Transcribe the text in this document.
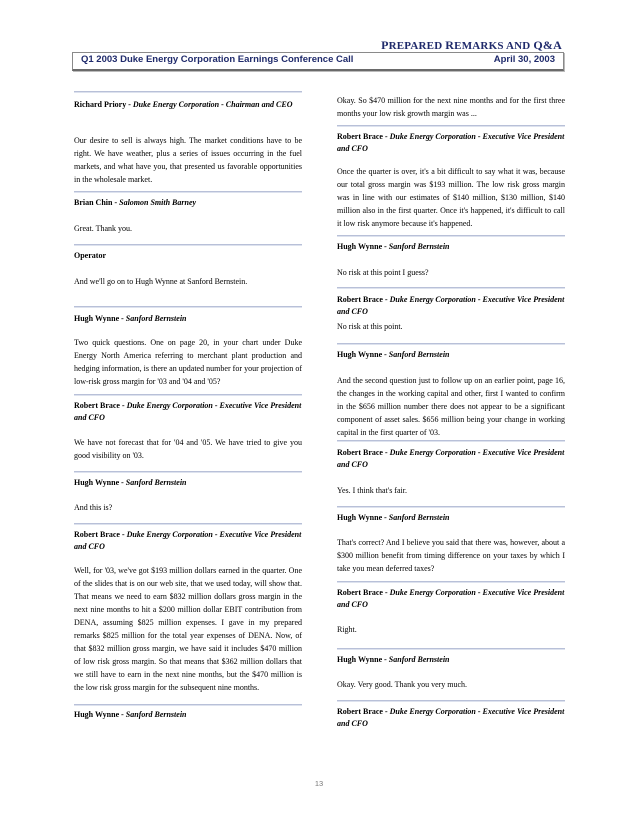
PREPARED REMARKS AND Q&A
Q1 2003 Duke Energy Corporation Earnings Conference Call	April 30, 2003
Richard Priory - Duke Energy Corporation - Chairman and CEO

Our desire to sell is always high. The market conditions have to be right. We have weather, plus a series of issues occurring in the fuel markets, and what have you, that presented us favorable opportunities in the wholesale market.

Brian Chin - Salomon Smith Barney

Great. Thank you.

Operator

And we'll go on to Hugh Wynne at Sanford Bernstein.

Hugh Wynne - Sanford Bernstein

Two quick questions. One on page 20, in your chart under Duke Energy North America referring to merchant plant production and hedging information, is there an updated number for your projection of low-risk gross margin for '03 and '04 and '05?

Robert Brace - Duke Energy Corporation - Executive Vice President and CFO

We have not forecast that for '04 and '05. We have tried to give you good visibility on '03.

Hugh Wynne - Sanford Bernstein

And this is?

Robert Brace - Duke Energy Corporation - Executive Vice President and CFO

Well, for '03, we've got $193 million dollars earned in the quarter. One of the slides that is on our web site, that we used today, will show that. That means we need to earn $832 million dollars gross margin in the next nine months to hit a $200 million dollar EBIT contribution from DENA, assuming $825 million expenses. I gave in my prepared remarks $825 million for the total year expenses of DENA. Now, of that $832 million gross margin, we have said it includes $470 million of low risk gross margin. So that means that $362 million dollars that we still have to earn in the next nine months, but the $470 million is the low risk gross margin for the subsequent nine months.

Hugh Wynne - Sanford Bernstein

Okay. So $470 million for the next nine months and for the first three months your low risk growth margin was ...

Robert Brace - Duke Energy Corporation - Executive Vice President and CFO

Once the quarter is over, it's a bit difficult to say what it was, because our total gross margin was $193 million. The low risk gross margin was in line with our estimates of $140 million, $130 million, $140 million also in the first quarter. Once it's happened, it's difficult to call it low risk anymore because it's happened.

Hugh Wynne - Sanford Bernstein

No risk at this point I guess?

Robert Brace - Duke Energy Corporation - Executive Vice President and CFO

No risk at this point.

Hugh Wynne - Sanford Bernstein

And the second question just to follow up on an earlier point, page 16, the changes in the working capital and other, first I wanted to confirm in the $656 million number there does not appear to be a significant component of asset sales. $656 million being your change in working capital in the first quarter of '03.

Robert Brace - Duke Energy Corporation - Executive Vice President and CFO

Yes. I think that's fair.

Hugh Wynne - Sanford Bernstein

That's correct? And I believe you said that there was, however, about a $300 million benefit from timing difference on your taxes by which I take you mean deferred taxes?

Robert Brace - Duke Energy Corporation - Executive Vice President and CFO

Right.

Hugh Wynne - Sanford Bernstein

Okay. Very good. Thank you very much.

Robert Brace - Duke Energy Corporation - Executive Vice President and CFO
13
